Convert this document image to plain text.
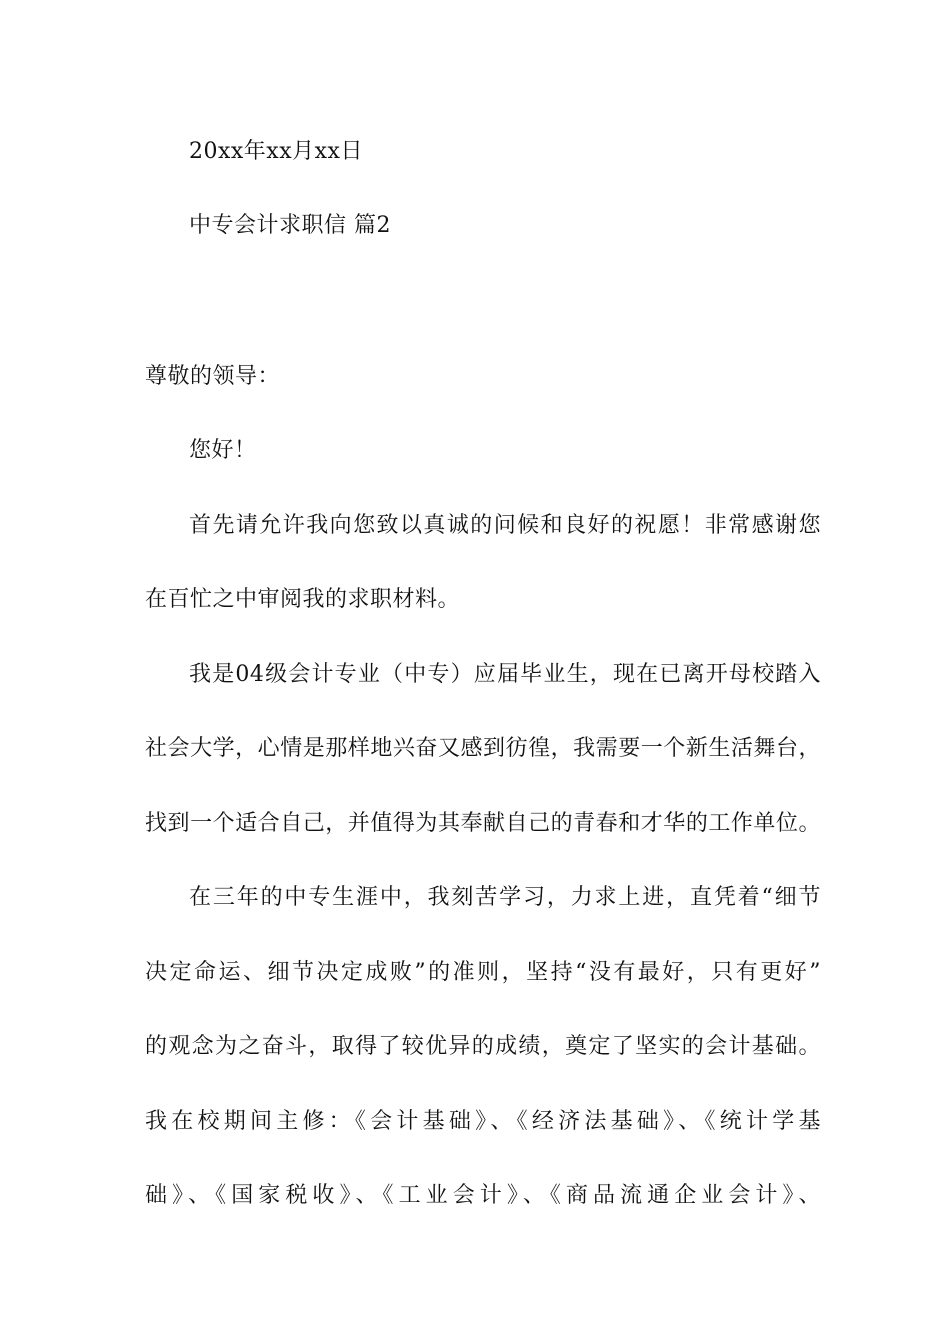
20xx年xx月xx日
中专会计求职信 篇2
尊敬的领导：
您好！
首先请允许我向您致以真诚的问候和良好的祝愿！非常感谢您
在百忙之中审阅我的求职材料。
我是04级会计专业（中专）应届毕业生，现在已离开母校踏入
社会大学，心情是那样地兴奋又感到彷徨，我需要一个新生活舞台，
找到一个适合自己，并值得为其奉献自己的青春和才华的工作单位。
在三年的中专生涯中，我刻苦学习，力求上进，直凭着“细节
决定命运、细节决定成败”的准则，坚持“没有最好，只有更好”
的观念为之奋斗，取得了较优异的成绩，奠定了坚实的会计基础。
我在校期间主修：《会计基础》、《经济法基础》、《统计学基
础》、《国家税收》、《工业会计》、《商品流通企业会计》、
